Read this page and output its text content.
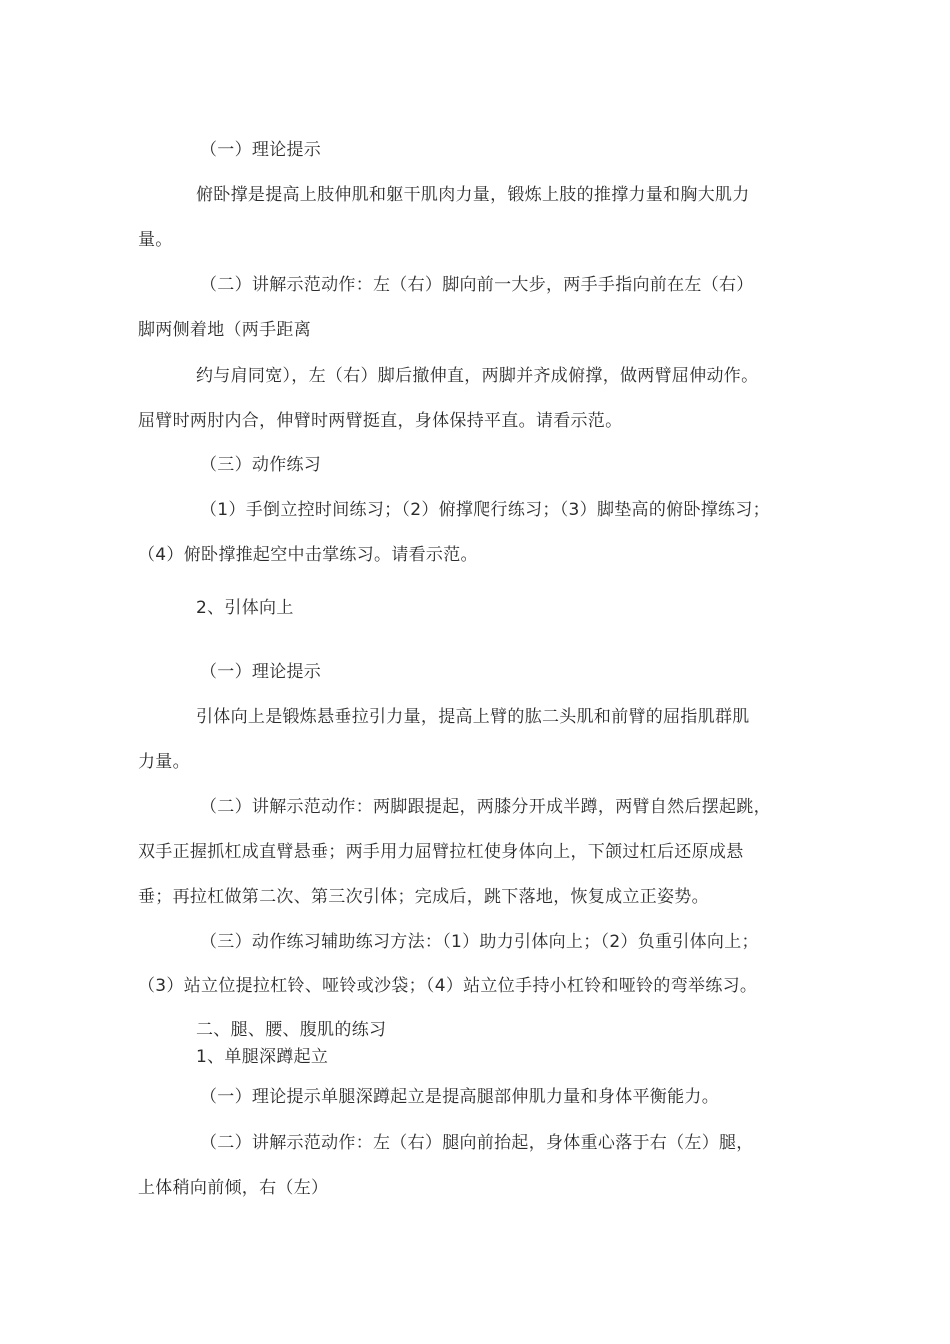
（一）理论提示
俯卧撑是提高上肢伸肌和躯干肌肉力量，锻炼上肢的推撑力量和胸大肌力
量。
（二）讲解示范动作：左（右）脚向前一大步，两手手指向前在左（右）
脚两侧着地（两手距离
约与肩同宽），左（右）脚后撤伸直，两脚并齐成俯撑，做两臂屈伸动作。
屈臂时两肘内合，伸臂时两臂挺直，身体保持平直。请看示范。
（三）动作练习
（1）手倒立控时间练习；（2）俯撑爬行练习；（3）脚垫高的俯卧撑练习；
（4）俯卧撑推起空中击掌练习。请看示范。
2、引体向上
（一）理论提示
引体向上是锻炼悬垂拉引力量，提高上臂的肱二头肌和前臂的屈指肌群肌
力量。
（二）讲解示范动作：两脚跟提起，两膝分开成半蹲，两臂自然后摆起跳，
双手正握抓杠成直臂悬垂；两手用力屈臂拉杠使身体向上，下颌过杠后还原成悬
垂；再拉杠做第二次、第三次引体；完成后，跳下落地，恢复成立正姿势。
（三）动作练习辅助练习方法：（1）助力引体向上；（2）负重引体向上；
（3）站立位提拉杠铃、哑铃或沙袋；（4）站立位手持小杠铃和哑铃的弯举练习。
二、腿、腰、腹肌的练习
1、单腿深蹲起立
（一）理论提示单腿深蹲起立是提高腿部伸肌力量和身体平衡能力。
（二）讲解示范动作：左（右）腿向前抬起，身体重心落于右（左）腿，
上体稍向前倾，右（左）
